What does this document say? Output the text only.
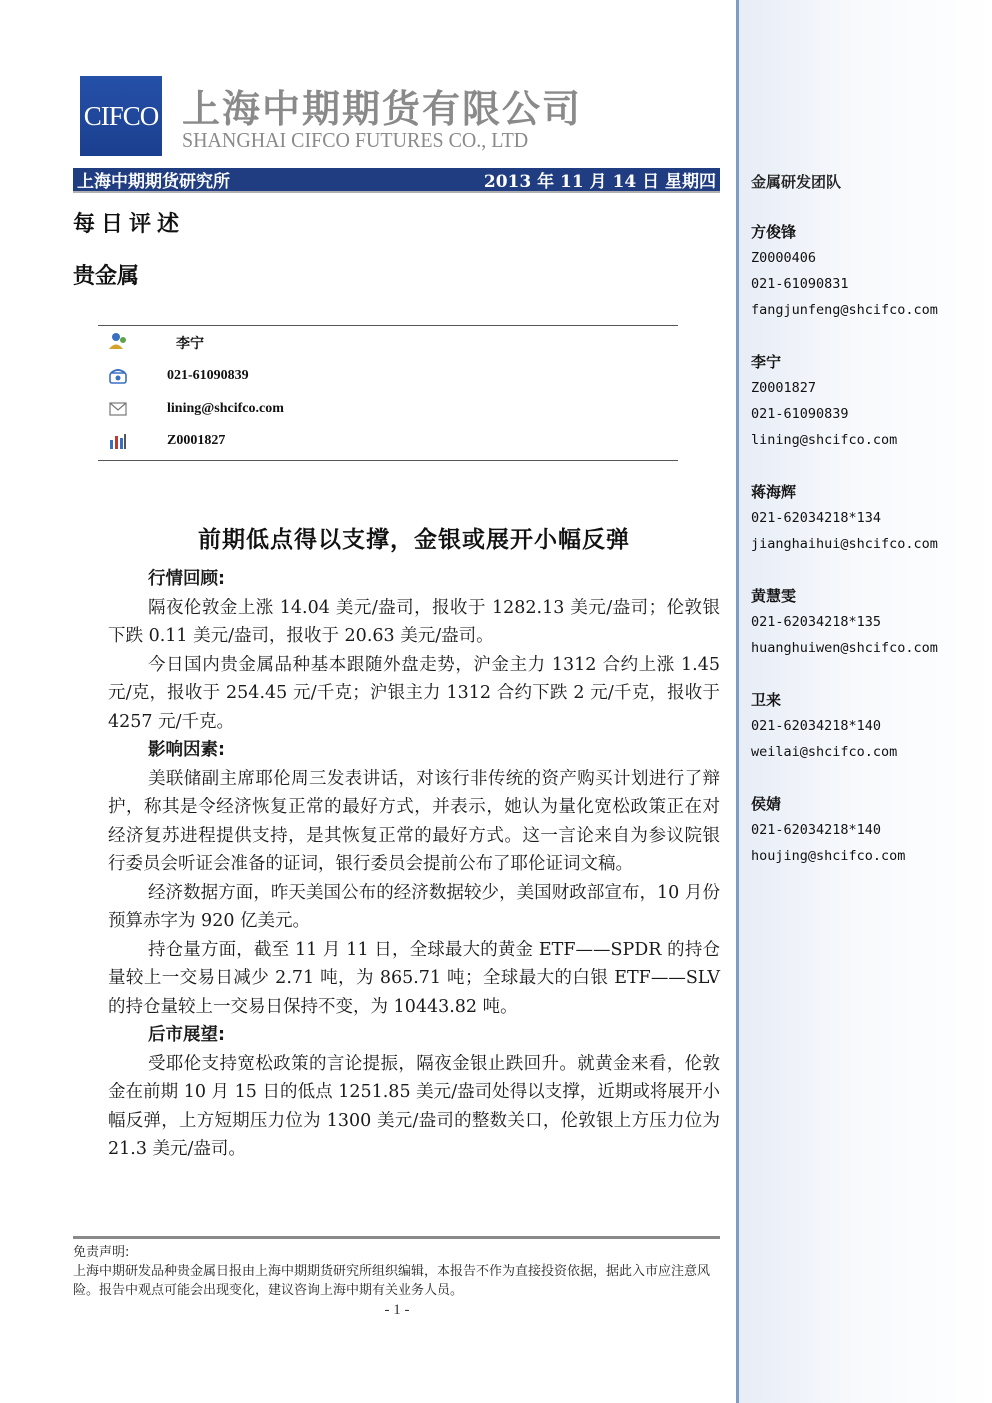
CIFCO 上海中期期货有限公司
SHANGHAI CIFCO FUTURES CO., LTD
上海中期期货研究所	2013 年 11 月 14 日 星期四
每日评述
贵金属
李宁
021-61090839
lining@shcifco.com
Z0001827
前期低点得以支撑，金银或展开小幅反弹
行情回顾:

隔夜伦敦金上涨 14.04 美元/盎司，报收于 1282.13 美元/盎司；伦敦银下跌 0.11 美元/盎司，报收于 20.63 美元/盎司。

今日国内贵金属品种基本跟随外盘走势，沪金主力 1312 合约上涨 1.45 元/克，报收于 254.45 元/千克；沪银主力 1312 合约下跌 2 元/千克，报收于 4257 元/千克。

影响因素:

美联储副主席耶伦周三发表讲话，对该行非传统的资产购买计划进行了辩护，称其是令经济恢复正常的最好方式，并表示，她认为量化宽松政策正在对经济复苏进程提供支持，是其恢复正常的最好方式。这一言论来自为参议院银行委员会听证会准备的证词，银行委员会提前公布了耶伦证词文稿。

经济数据方面，昨天美国公布的经济数据较少，美国财政部宣布，10 月份预算赤字为 920 亿美元。

持仓量方面，截至 11 月 11 日，全球最大的黄金 ETF——SPDR 的持仓量较上一交易日减少 2.71 吨，为 865.71 吨；全球最大的白银 ETF——SLV 的持仓量较上一交易日保持不变，为 10443.82 吨。

后市展望:

受耶伦支持宽松政策的言论提振，隔夜金银止跌回升。就黄金来看，伦敦金在前期 10 月 15 日的低点 1251.85 美元/盎司处得以支撑，近期或将展开小幅反弹，上方短期压力位为 1300 美元/盎司的整数关口，伦敦银上方压力位为 21.3 美元/盎司。

免责声明:
上海中期研发品种贵金属日报由上海中期期货研究所组织编辑，本报告不作为直接投资依据，据此入市应注意风险。报告中观点可能会出现变化，建议咨询上海中期有关业务人员。
- 1 -
金属研发团队
方俊锋
Z0000406
021-61090831
fangjunfeng@shcifco.com
李宁
Z0001827
021-61090839
lining@shcifco.com
蒋海辉
021-62034218*134
jianghaihui@shcifco.com
黄慧雯
021-62034218*135
huanghuiwen@shcifco.com
卫来
021-62034218*140
weilai@shcifco.com
侯婧
021-62034218*140
houjing@shcifco.com
